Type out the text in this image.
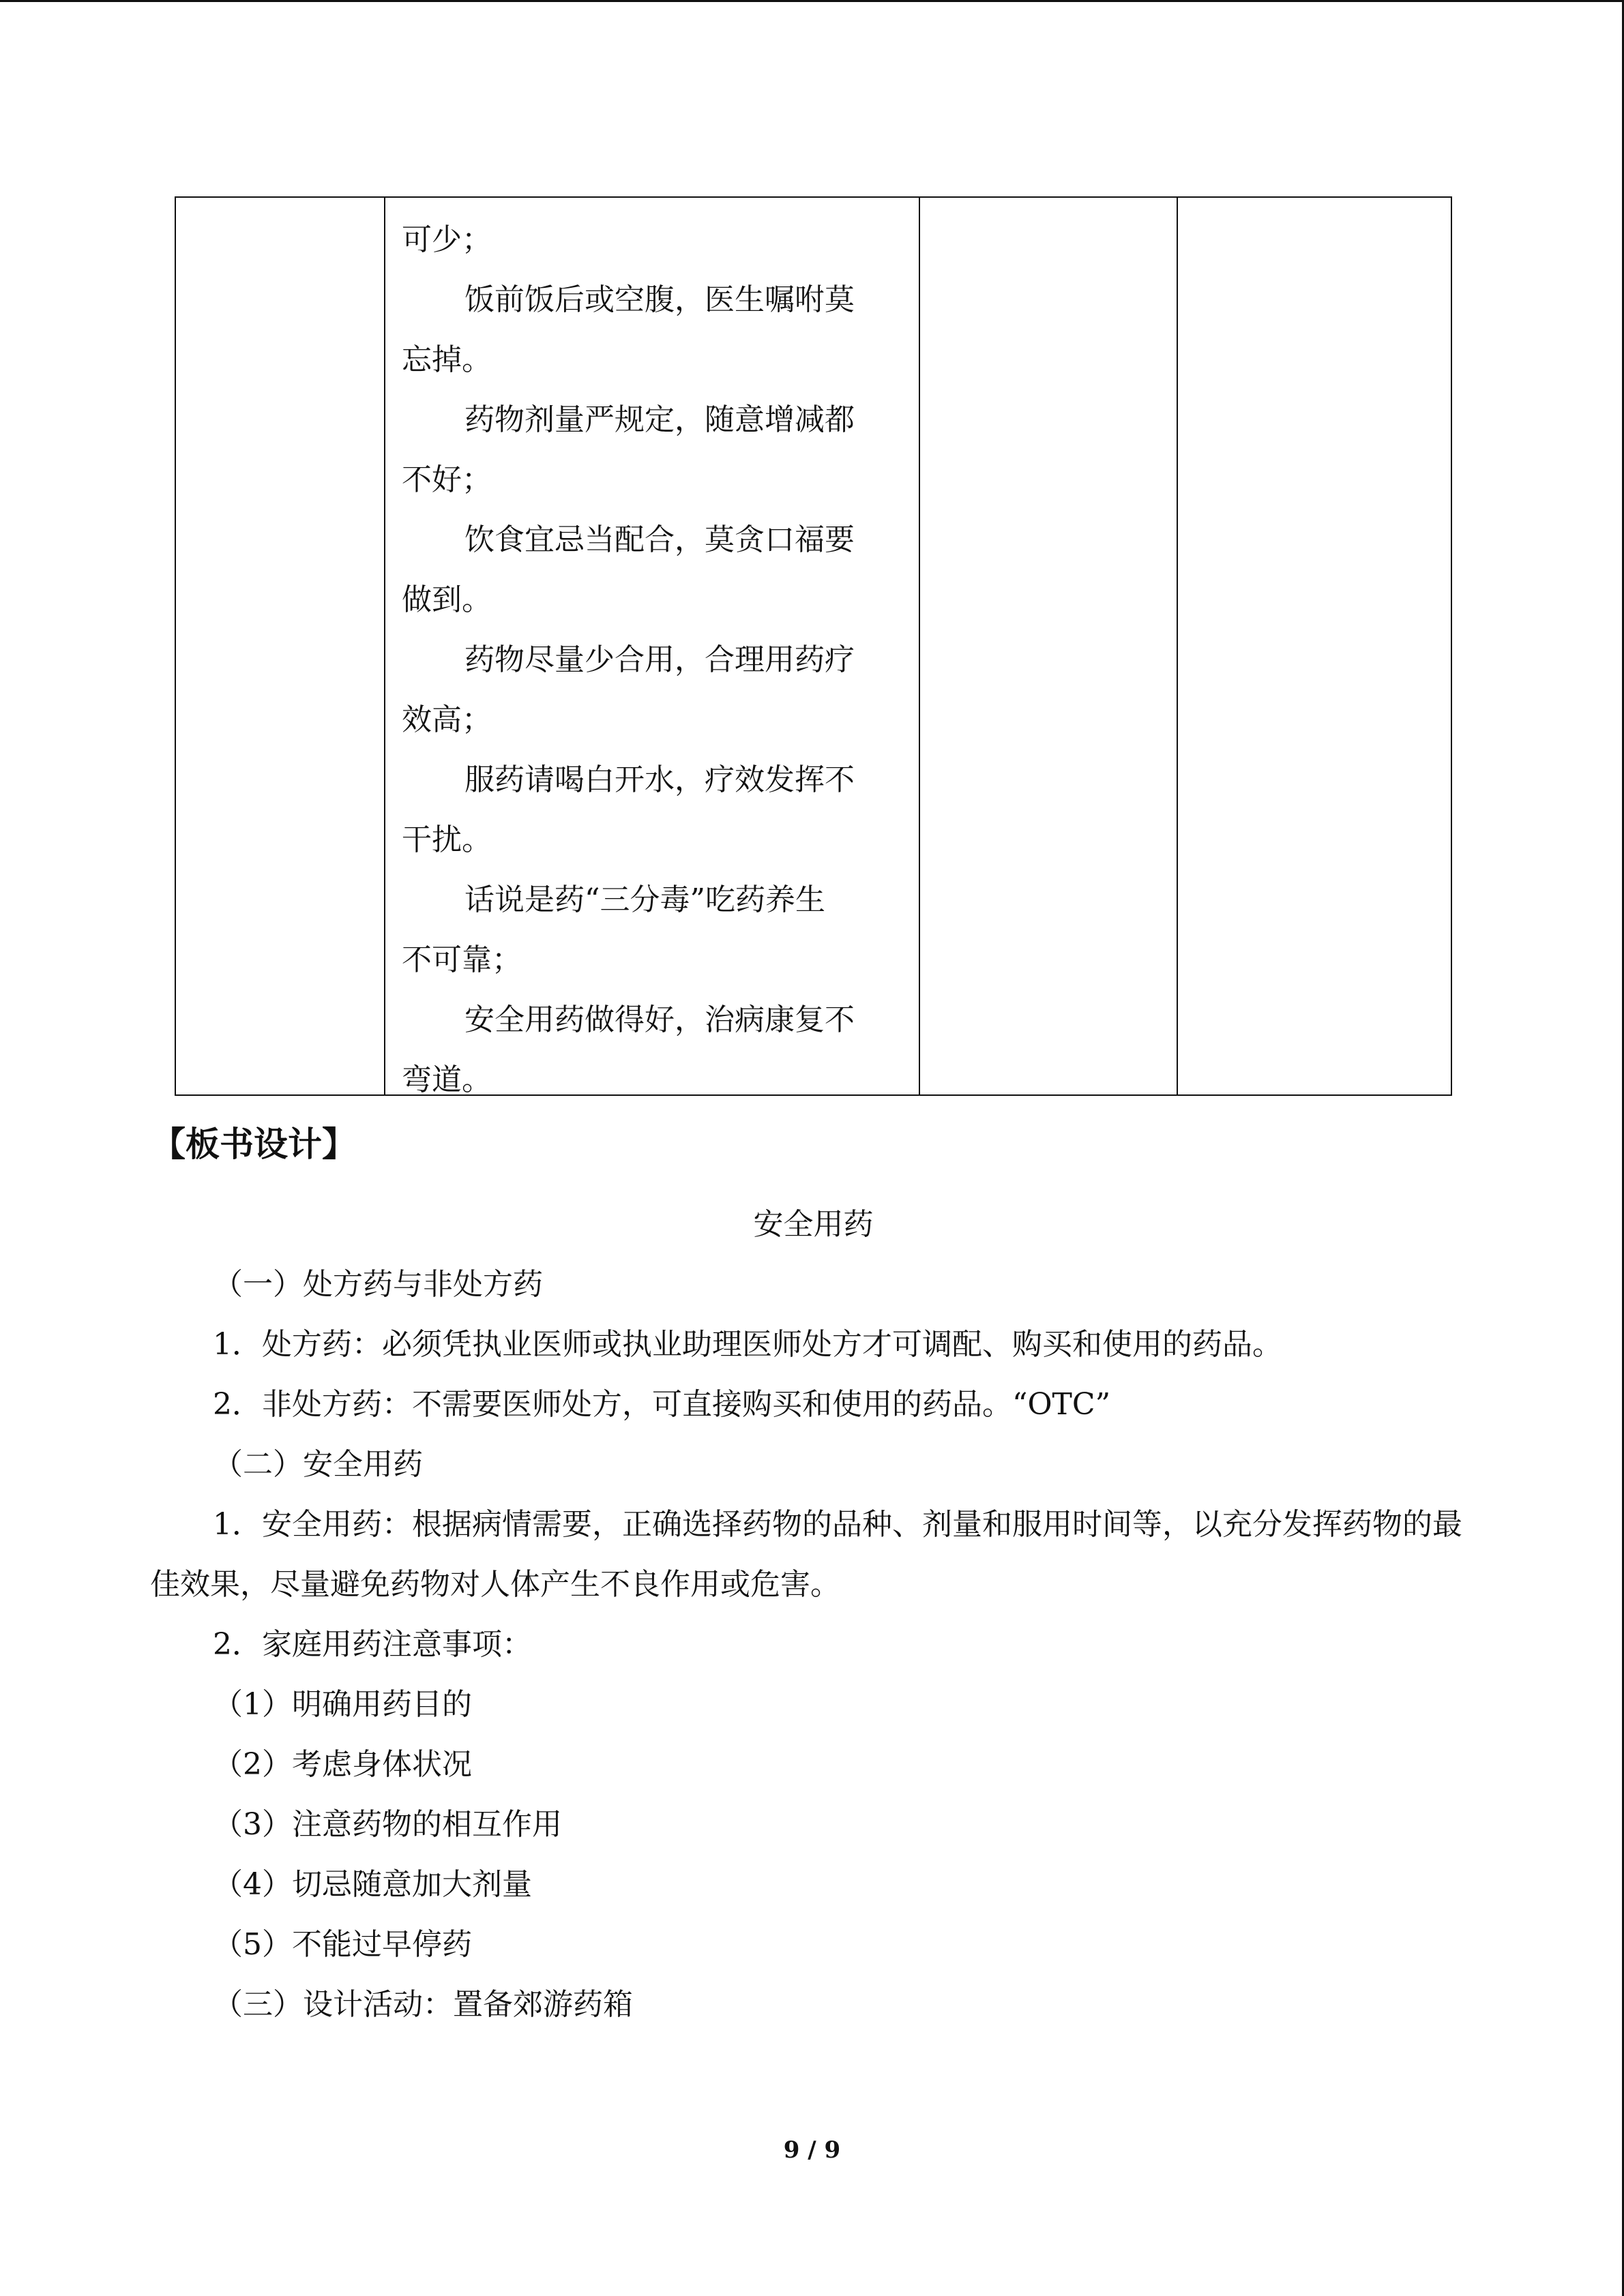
可少；

饭前饭后或空腹，医生嘱咐莫

忘掉。

药物剂量严规定，随意增减都

不好；

饮食宜忌当配合，莫贪口福要

做到。

药物尽量少合用，合理用药疗

效高；

服药请喝白开水，疗效发挥不

干扰。

话说是药“三分毒”吃药养生

不可靠；

安全用药做得好，治病康复不

弯道。

【板书设计】

安全用药

（一）处方药与非处方药

1．处方药：必须凭执业医师或执业助理医师处方才可调配、购买和使用的药品。

2．非处方药：不需要医师处方，可直接购买和使用的药品。“OTC”

（二）安全用药

1．安全用药：根据病情需要，正确选择药物的品种、剂量和服用时间等，以充分发挥药物的最佳效果，尽量避免药物对人体产生不良作用或危害。

2．家庭用药注意事项：

（1）明确用药目的

（2）考虑身体状况

（3）注意药物的相互作用

（4）切忌随意加大剂量

（5）不能过早停药

（三）设计活动：置备郊游药箱

9 / 9
